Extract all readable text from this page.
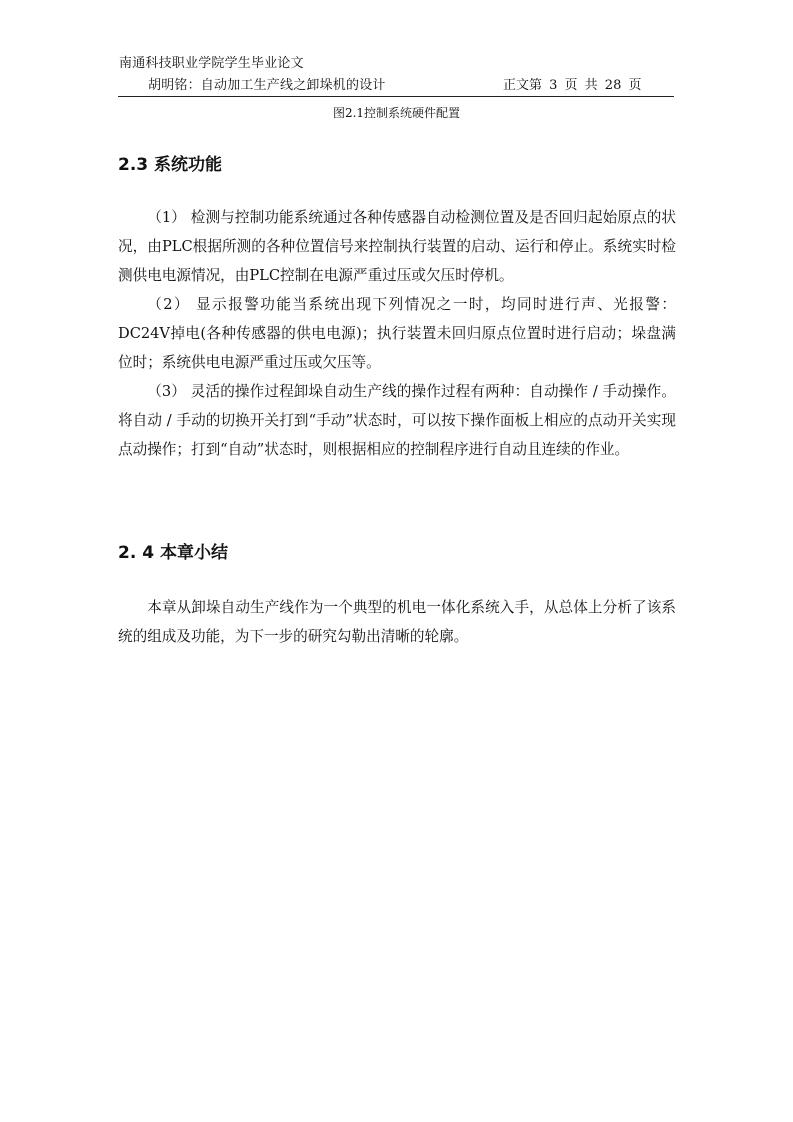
南通科技职业学院学生毕业论文
胡明铭：自动加工生产线之卸垛机的设计	正文第 3 页 共 28 页
图2.1控制系统硬件配置
2.3 系统功能

（1） 检测与控制功能系统通过各种传感器自动检测位置及是否回归起始原点的状况，由PLC根据所测的各种位置信号来控制执行装置的启动、运行和停止。系统实时检测供电电源情况，由PLC控制在电源严重过压或欠压时停机。

（2） 显示报警功能当系统出现下列情况之一时，均同时进行声、光报警：DC24V掉电(各种传感器的供电电源)；执行装置未回归原点位置时进行启动；垛盘满位时；系统供电电源严重过压或欠压等。

（3） 灵活的操作过程卸垛自动生产线的操作过程有两种：自动操作 / 手动操作。将自动 / 手动的切换开关打到“手动”状态时，可以按下操作面板上相应的点动开关实现点动操作；打到“自动”状态时，则根据相应的控制程序进行自动且连续的作业。

2. 4 本章小结

本章从卸垛自动生产线作为一个典型的机电一体化系统入手，从总体上分析了该系统的组成及功能，为下一步的研究勾勒出清晰的轮廓。
